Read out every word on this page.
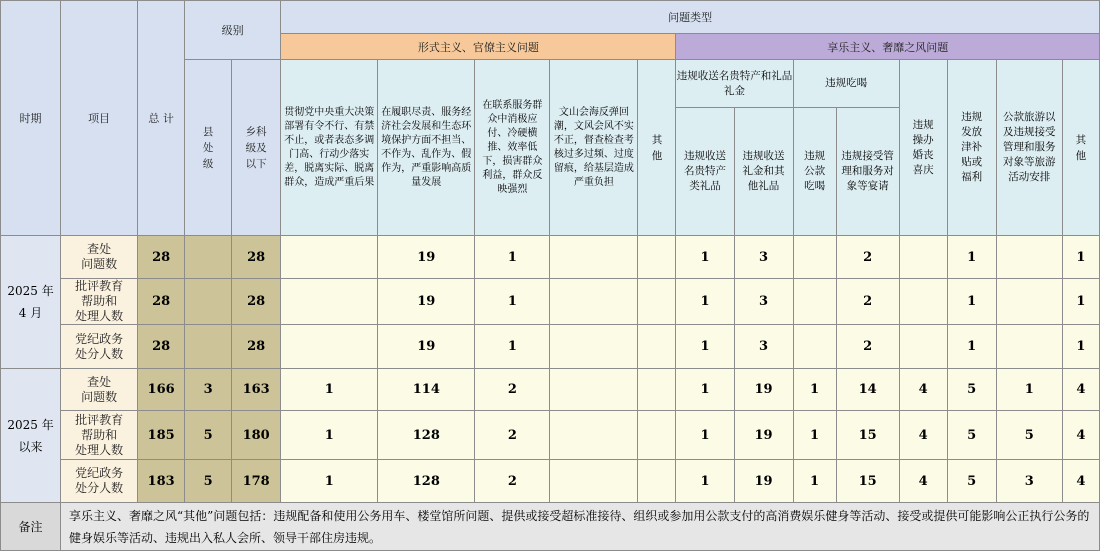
时期	项目	总 计	级别		问题类型												
					形式主义、官僚主义问题					享乐主义、奢靡之风问题							
			县
处
级	乡科
级及
以下	贯彻党中央重大决策部署有令不行、有禁不止，或者表态多调门高、行动少落实差，脱离实际、脱离群众，造成严重后果	在履职尽责、服务经济社会发展和生态环境保护方面不担当、不作为、乱作为、假作为，严重影响高质量发展	在联系服务群众中消极应付、冷硬横推、效率低下，损害群众利益，群众反映强烈	文山会海反弹回潮，文风会风不实不正，督查检查考核过多过频、过度留痕，给基层造成严重负担	其
他	违规收送名贵特产和礼品礼金		违规吃喝		违规操办婚丧喜庆	违规发放津补贴或福利	公款旅游以及违规接受管理和服务对象等旅游活动安排	其
他
										违规收送名贵特产类礼品	违规收送礼金和其他礼品	违规公款吃喝	违规接受管理和服务对象等宴请				
2025 年
4 月	查处
问题数	28		28		19	1			1	3		2		1		1
	批评教育
帮助和
处理人数	28		28		19	1			1	3		2		1		1
	党纪政务
处分人数	28		28		19	1			1	3		2		1		1
2025 年
以来	查处
问题数	166	3	163	1	114	2			1	19	1	14	4	5	1	4
	批评教育
帮助和
处理人数	185	5	180	1	128	2			1	19	1	15	4	5	5	4
	党纪政务
处分人数	183	5	178	1	128	2			1	19	1	15	4	5	3	4
备注	享乐主义、奢靡之风“其他”问题包括：违规配备和使用公务用车、楼堂馆所问题、提供或接受超标准接待、组织或参加用公款支付的高消费娱乐健身等活动、接受或提供可能影响公正执行公务的健身娱乐等活动、违规出入私人会所、领导干部住房违规。																
